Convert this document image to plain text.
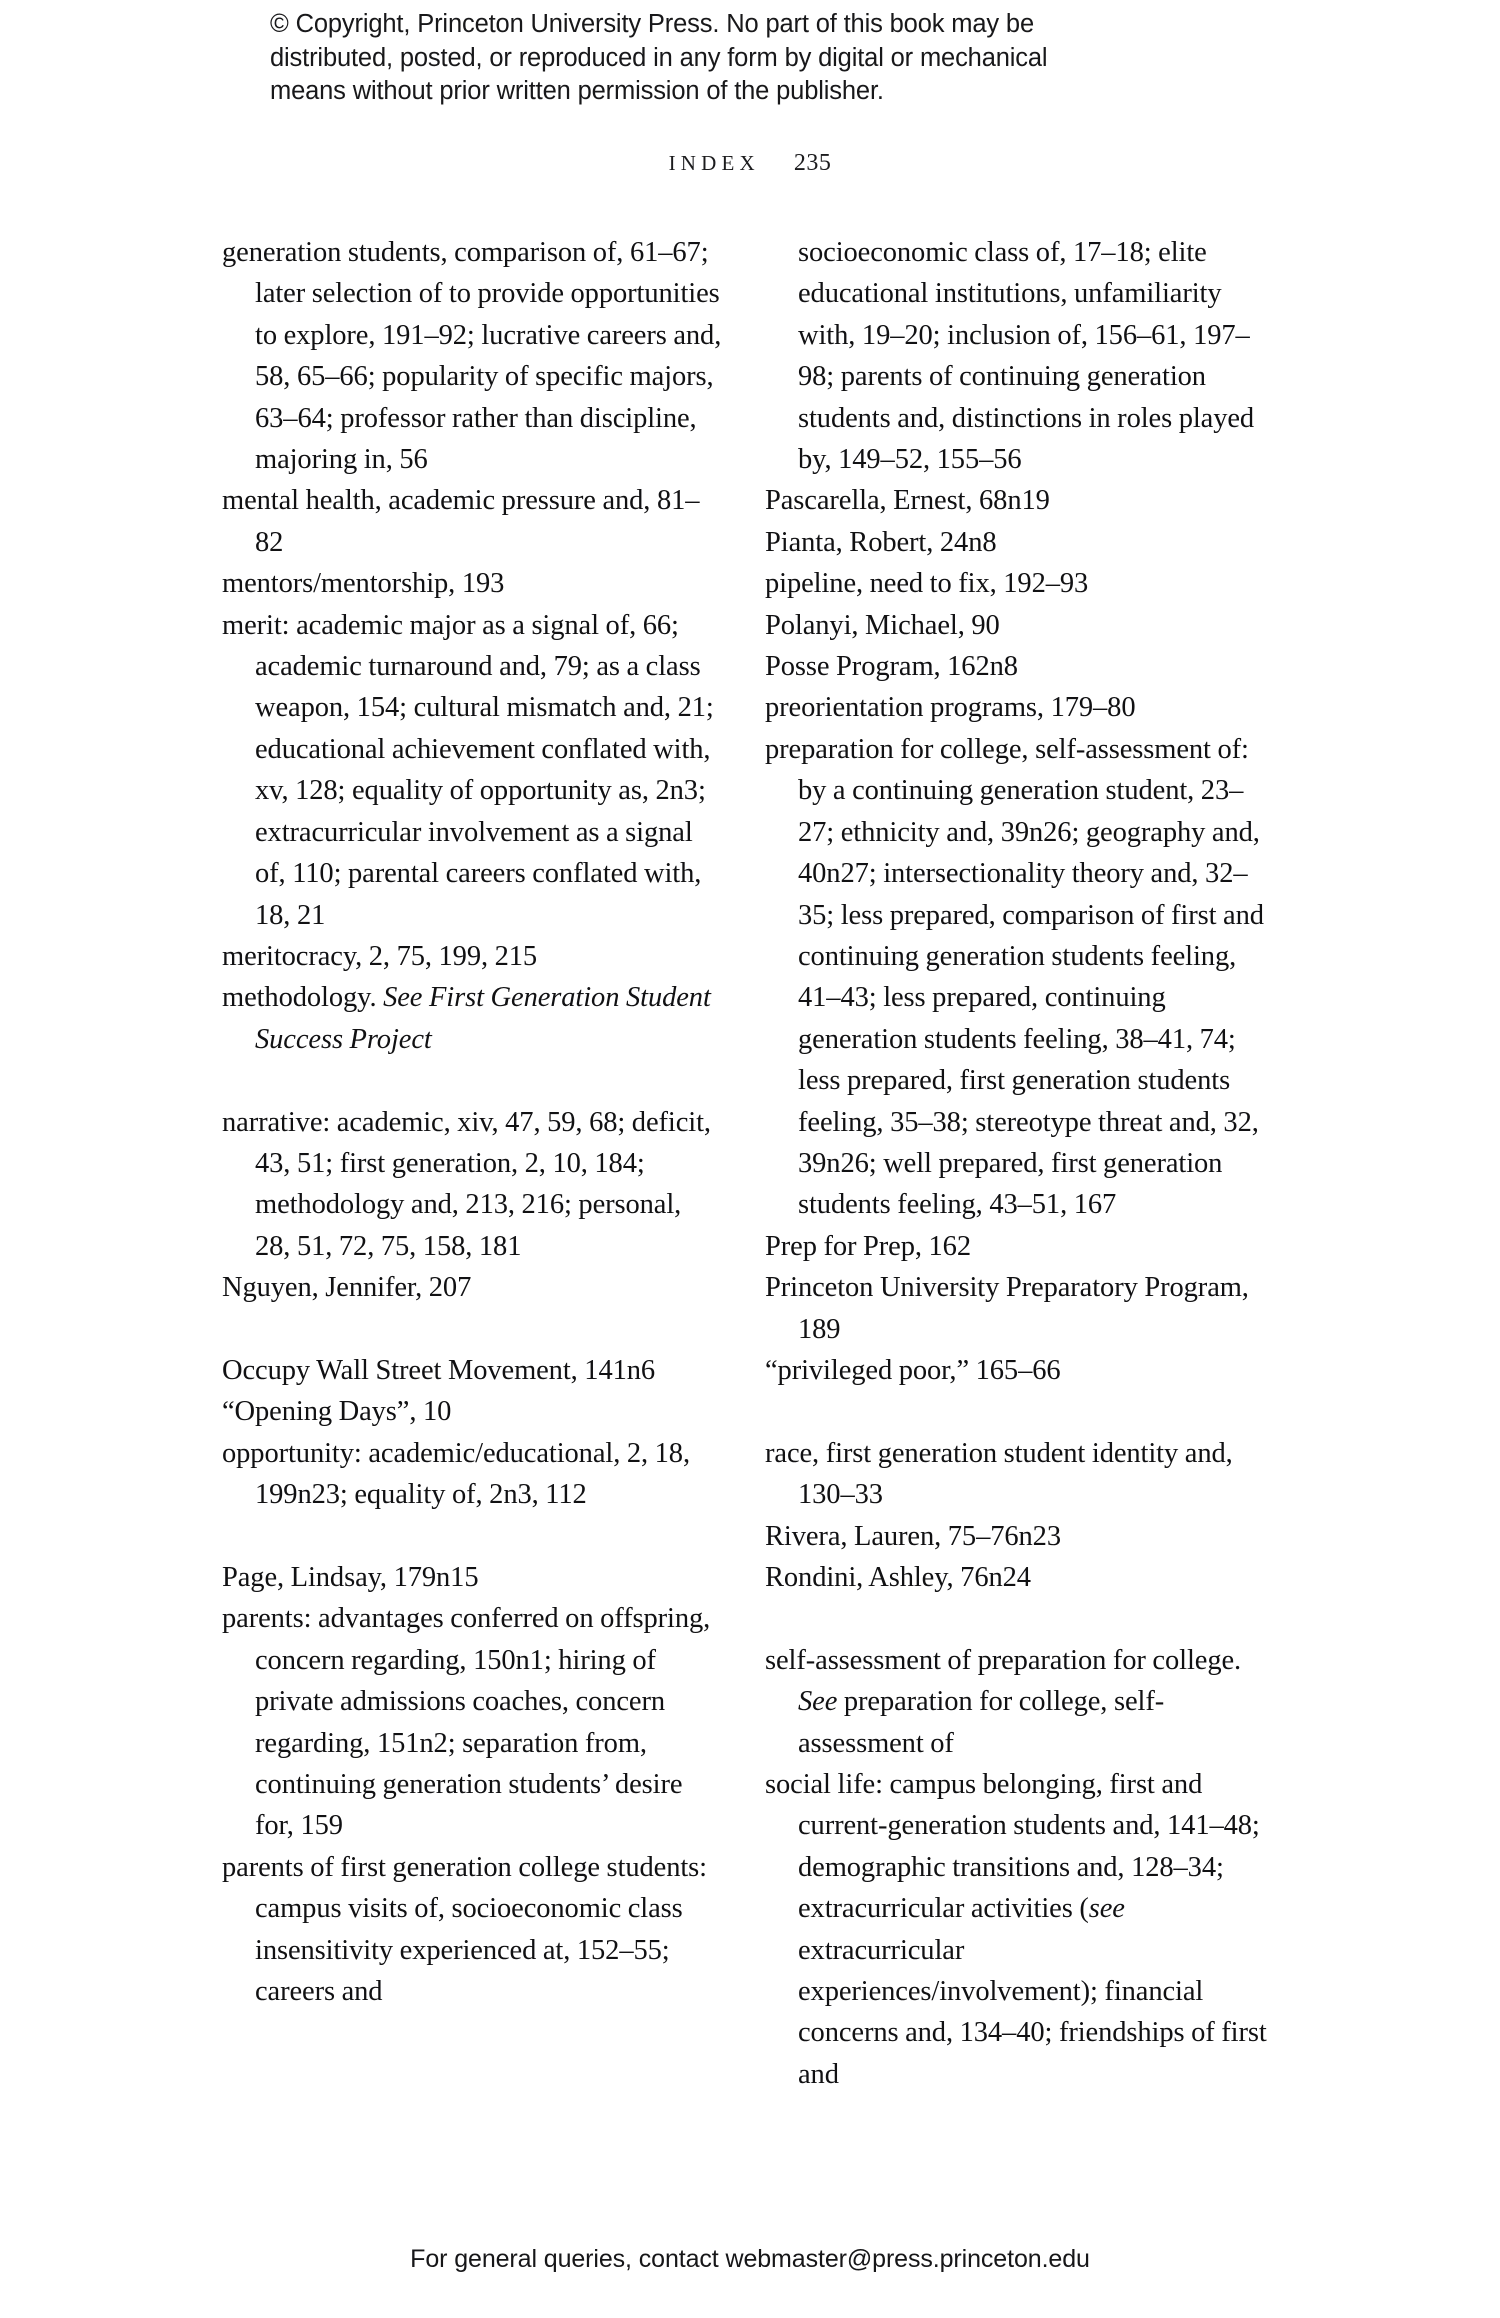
© Copyright, Princeton University Press. No part of this book may be
distributed, posted, or reproduced in any form by digital or mechanical
means without prior written permission of the publisher.
INDEX 235
generation students, comparison of, 61–67; later selection of to provide opportunities to explore, 191–92; lucrative careers and, 58, 65–66; popularity of specific majors, 63–64; professor rather than discipline, majoring in, 56
mental health, academic pressure and, 81–82
mentors/mentorship, 193
merit: academic major as a signal of, 66; academic turnaround and, 79; as a class weapon, 154; cultural mismatch and, 21; educational achievement conflated with, xv, 128; equality of opportunity as, 2n3; extracurricular involvement as a signal of, 110; parental careers conflated with, 18, 21
meritocracy, 2, 75, 199, 215
methodology. See First Generation Student Success Project
narrative: academic, xiv, 47, 59, 68; deficit, 43, 51; first generation, 2, 10, 184; methodology and, 213, 216; personal, 28, 51, 72, 75, 158, 181
Nguyen, Jennifer, 207
Occupy Wall Street Movement, 141n6
“Opening Days”, 10
opportunity: academic/educational, 2, 18, 199n23; equality of, 2n3, 112
Page, Lindsay, 179n15
parents: advantages conferred on offspring, concern regarding, 150n1; hiring of private admissions coaches, concern regarding, 151n2; separation from, continuing generation students’ desire for, 159
parents of first generation college students: campus visits of, socioeconomic class insensitivity experienced at, 152–55; careers and
socioeconomic class of, 17–18; elite educational institutions, unfamiliarity with, 19–20; inclusion of, 156–61, 197–98; parents of continuing generation students and, distinctions in roles played by, 149–52, 155–56
Pascarella, Ernest, 68n19
Pianta, Robert, 24n8
pipeline, need to fix, 192–93
Polanyi, Michael, 90
Posse Program, 162n8
preorientation programs, 179–80
preparation for college, self-assessment of: by a continuing generation student, 23–27; ethnicity and, 39n26; geography and, 40n27; intersectionality theory and, 32–35; less prepared, comparison of first and continuing generation students feeling, 41–43; less prepared, continuing generation students feeling, 38–41, 74; less prepared, first generation students feeling, 35–38; stereotype threat and, 32, 39n26; well prepared, first generation students feeling, 43–51, 167
Prep for Prep, 162
Princeton University Preparatory Program, 189
“privileged poor,” 165–66
race, first generation student identity and, 130–33
Rivera, Lauren, 75–76n23
Rondini, Ashley, 76n24
self-assessment of preparation for college. See preparation for college, self-assessment of
social life: campus belonging, first and current-generation students and, 141–48; demographic transitions and, 128–34; extracurricular activities (see extracurricular experiences/involvement); financial concerns and, 134–40; friendships of first and
For general queries, contact webmaster@press.princeton.edu
